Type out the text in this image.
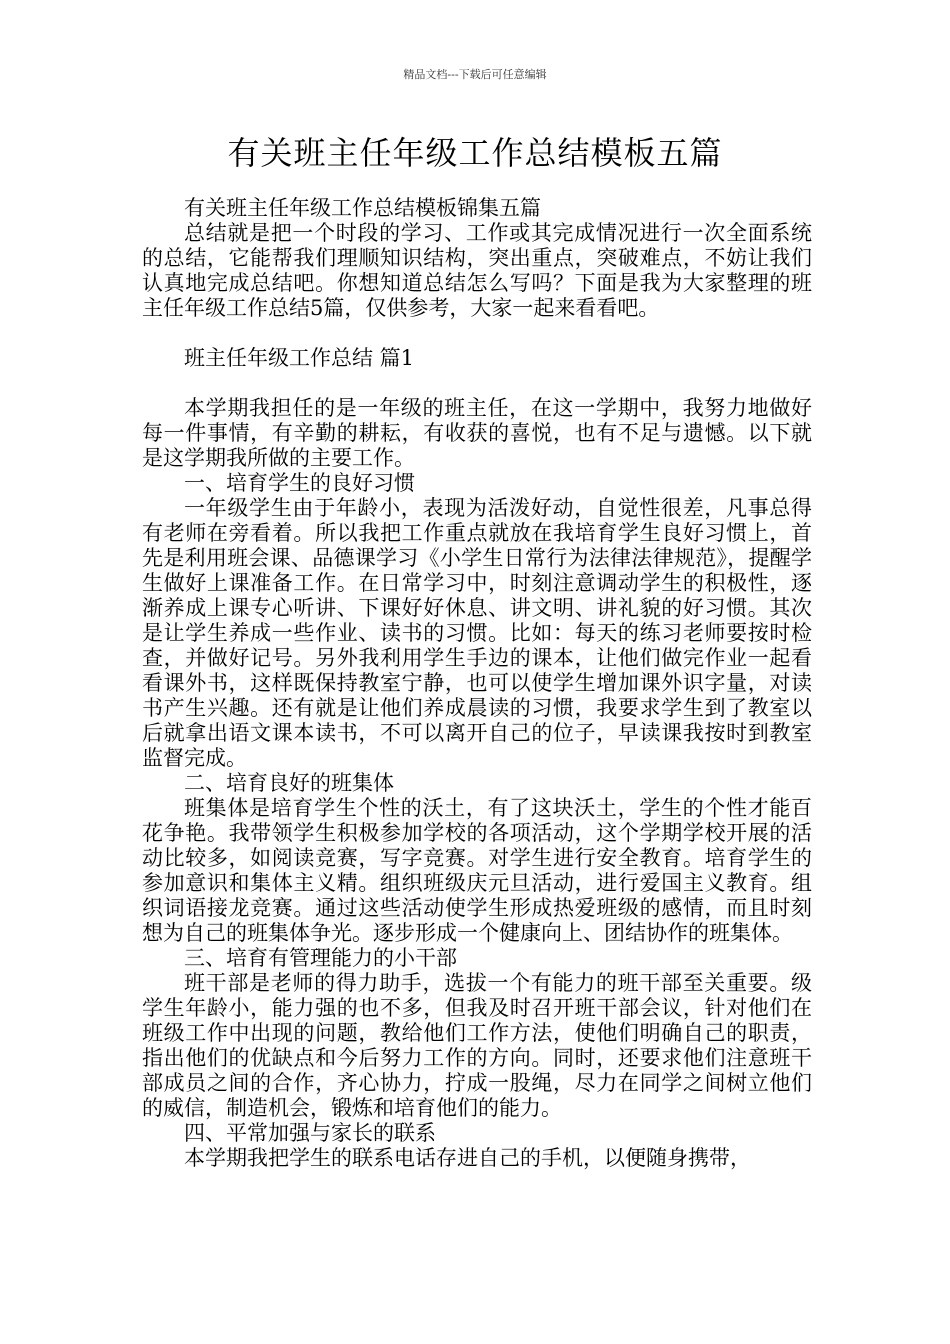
精品文档---下载后可任意编辑
有关班主任年级工作总结模板五篇

有关班主任年级工作总结模板锦集五篇

总结就是把一个时段的学习、工作或其完成情况进行一次全面系统的总结，它能帮我们理顺知识结构，突出重点，突破难点，不妨让我们认真地完成总结吧。你想知道总结怎么写吗？下面是我为大家整理的班主任年级工作总结5篇，仅供参考，大家一起来看看吧。

班主任年级工作总结 篇1

本学期我担任的是一年级的班主任，在这一学期中，我努力地做好每一件事情，有辛勤的耕耘，有收获的喜悦，也有不足与遗憾。以下就是这学期我所做的主要工作。

一、培育学生的良好习惯

一年级学生由于年龄小，表现为活泼好动，自觉性很差，凡事总得有老师在旁看着。所以我把工作重点就放在我培育学生良好习惯上，首先是利用班会课、品德课学习《小学生日常行为法律法律规范》，提醒学生做好上课准备工作。在日常学习中，时刻注意调动学生的积极性，逐渐养成上课专心听讲、下课好好休息、讲文明、讲礼貌的好习惯。其次是让学生养成一些作业、读书的习惯。比如：每天的练习老师要按时检查，并做好记号。另外我利用学生手边的课本，让他们做完作业一起看看课外书，这样既保持教室宁静，也可以使学生增加课外识字量，对读书产生兴趣。还有就是让他们养成晨读的习惯，我要求学生到了教室以后就拿出语文课本读书，不可以离开自己的位子，早读课我按时到教室监督完成。

二、培育良好的班集体

班集体是培育学生个性的沃土，有了这块沃土，学生的个性才能百花争艳。我带领学生积极参加学校的各项活动，这个学期学校开展的活动比较多，如阅读竞赛，写字竞赛。对学生进行安全教育。培育学生的参加意识和集体主义精。组织班级庆元旦活动，进行爱国主义教育。组织词语接龙竞赛。通过这些活动使学生形成热爱班级的感情，而且时刻想为自己的班集体争光。逐步形成一个健康向上、团结协作的班集体。

三、培育有管理能力的小干部

班干部是老师的得力助手，选拔一个有能力的班干部至关重要。级学生年龄小，能力强的也不多，但我及时召开班干部会议，针对他们在班级工作中出现的问题，教给他们工作方法，使他们明确自己的职责，指出他们的优缺点和今后努力工作的方向。同时，还要求他们注意班干部成员之间的合作，齐心协力，拧成一股绳，尽力在同学之间树立他们的威信，制造机会，锻炼和培育他们的能力。

四、平常加强与家长的联系

本学期我把学生的联系电话存进自己的手机，以便随身携带，
